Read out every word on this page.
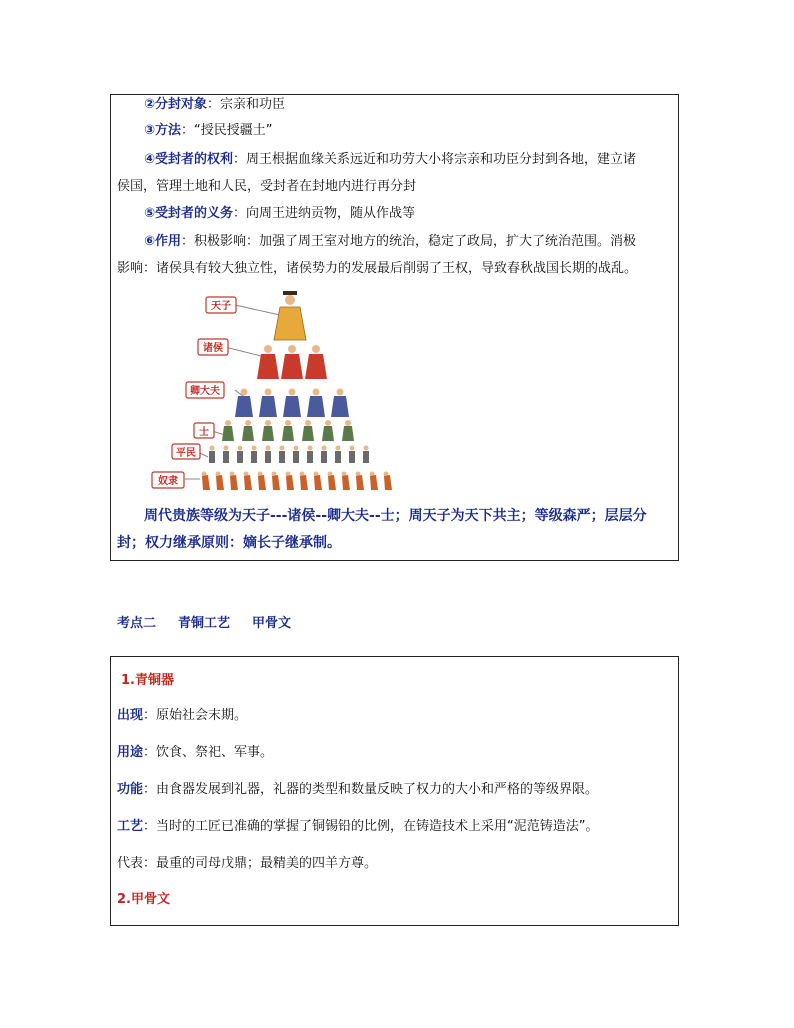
②分封对象：宗亲和功臣
③方法：“授民授疆土”
④受封者的权利：周王根据血缘关系远近和功劳大小将宗亲和功臣分封到各地，建立诸
侯国，管理土地和人民，受封者在封地内进行再分封
⑤受封者的义务：向周王进纳贡物，随从作战等
⑥作用：积极影响：加强了周王室对地方的统治，稳定了政局，扩大了统治范围。消极
影响：诸侯具有较大独立性，诸侯势力的发展最后削弱了王权，导致春秋战国长期的战乱。
天子
诸侯
卿大夫
士
平民
奴隶
周代贵族等级为天子---诸侯--卿大夫--士；周天子为天下共主；等级森严；层层分
封；权力继承原则：嫡长子继承制。
考点二 青铜工艺 甲骨文
1.青铜器
出现：原始社会末期。
用途：饮食、祭祀、军事。
功能：由食器发展到礼器，礼器的类型和数量反映了权力的大小和严格的等级界限。
工艺：当时的工匠已准确的掌握了铜锡铅的比例，在铸造技术上采用“泥范铸造法”。
代表：最重的司母戊鼎；最精美的四羊方尊。
2.甲骨文
